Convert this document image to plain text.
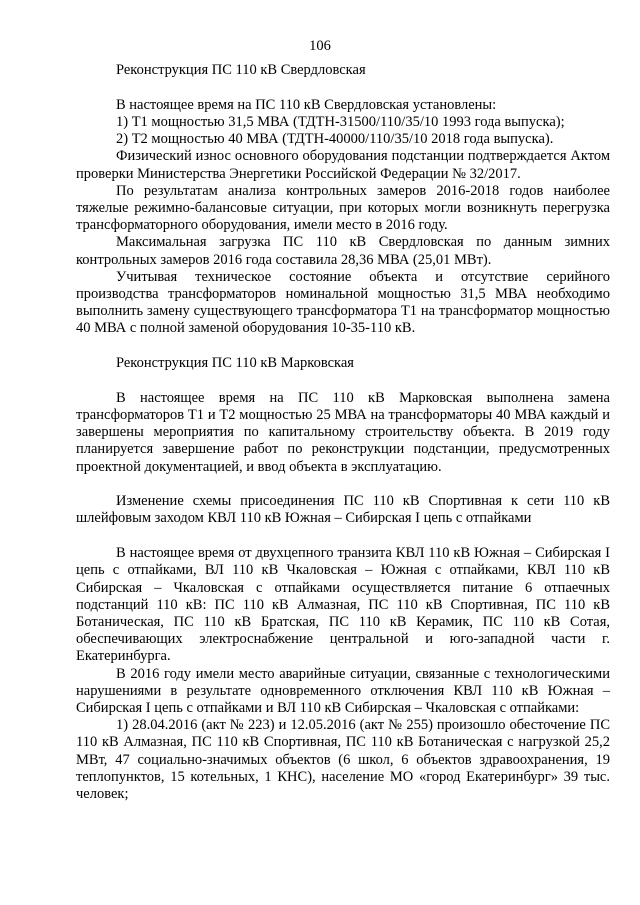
106

Реконструкция ПС 110 кВ Свердловская

В настоящее время на ПС 110 кВ Свердловская установлены:

1) Т1 мощностью 31,5 МВА (ТДТН-31500/110/35/10 1993 года выпуска);

2) Т2 мощностью 40 МВА (ТДТН-40000/110/35/10 2018 года выпуска).

Физический износ основного оборудования подстанции подтверждается Актом проверки Министерства Энергетики Российской Федерации № 32/2017.

По результатам анализа контрольных замеров 2016-2018 годов наиболее тяжелые режимно-балансовые ситуации, при которых могли возникнуть перегрузка трансформаторного оборудования, имели место в 2016 году.

Максимальная загрузка ПС 110 кВ Свердловская по данным зимних контрольных замеров 2016 года составила 28,36 МВА (25,01 МВт).

Учитывая техническое состояние объекта и отсутствие серийного производства трансформаторов номинальной мощностью 31,5 МВА необходимо выполнить замену существующего трансформатора Т1 на трансформатор мощностью 40 МВА с полной заменой оборудования 10-35-110 кВ.

Реконструкция ПС 110 кВ Марковская

В настоящее время на ПС 110 кВ Марковская выполнена замена трансформаторов Т1 и Т2 мощностью 25 МВА на трансформаторы 40 МВА каждый и завершены мероприятия по капитальному строительству объекта. В 2019 году планируется завершение работ по реконструкции подстанции, предусмотренных проектной документацией, и ввод объекта в эксплуатацию.

Изменение схемы присоединения ПС 110 кВ Спортивная к сети 110 кВ шлейфовым заходом КВЛ 110 кВ Южная – Сибирская I цепь с отпайками

В настоящее время от двухцепного транзита КВЛ 110 кВ Южная – Сибирская I цепь с отпайками, ВЛ 110 кВ Чкаловская – Южная с отпайками, КВЛ 110 кВ Сибирская – Чкаловская с отпайками осуществляется питание 6 отпаечных подстанций 110 кВ: ПС 110 кВ Алмазная, ПС 110 кВ Спортивная, ПС 110 кВ Ботаническая, ПС 110 кВ Братская, ПС 110 кВ Керамик, ПС 110 кВ Сотая, обеспечивающих электроснабжение центральной и юго-западной части г. Екатеринбурга.

В 2016 году имели место аварийные ситуации, связанные с технологическими нарушениями в результате одновременного отключения КВЛ 110 кВ Южная – Сибирская I цепь с отпайками и ВЛ 110 кВ Сибирская – Чкаловская с отпайками:

1) 28.04.2016 (акт № 223) и 12.05.2016 (акт № 255) произошло обесточение ПС 110 кВ Алмазная, ПС 110 кВ Спортивная, ПС 110 кВ Ботаническая с нагрузкой 25,2 МВт, 47 социально-значимых объектов (6 школ, 6 объектов здравоохранения, 19 теплопунктов, 15 котельных, 1 КНС), население МО «город Екатеринбург» 39 тыс. человек;
